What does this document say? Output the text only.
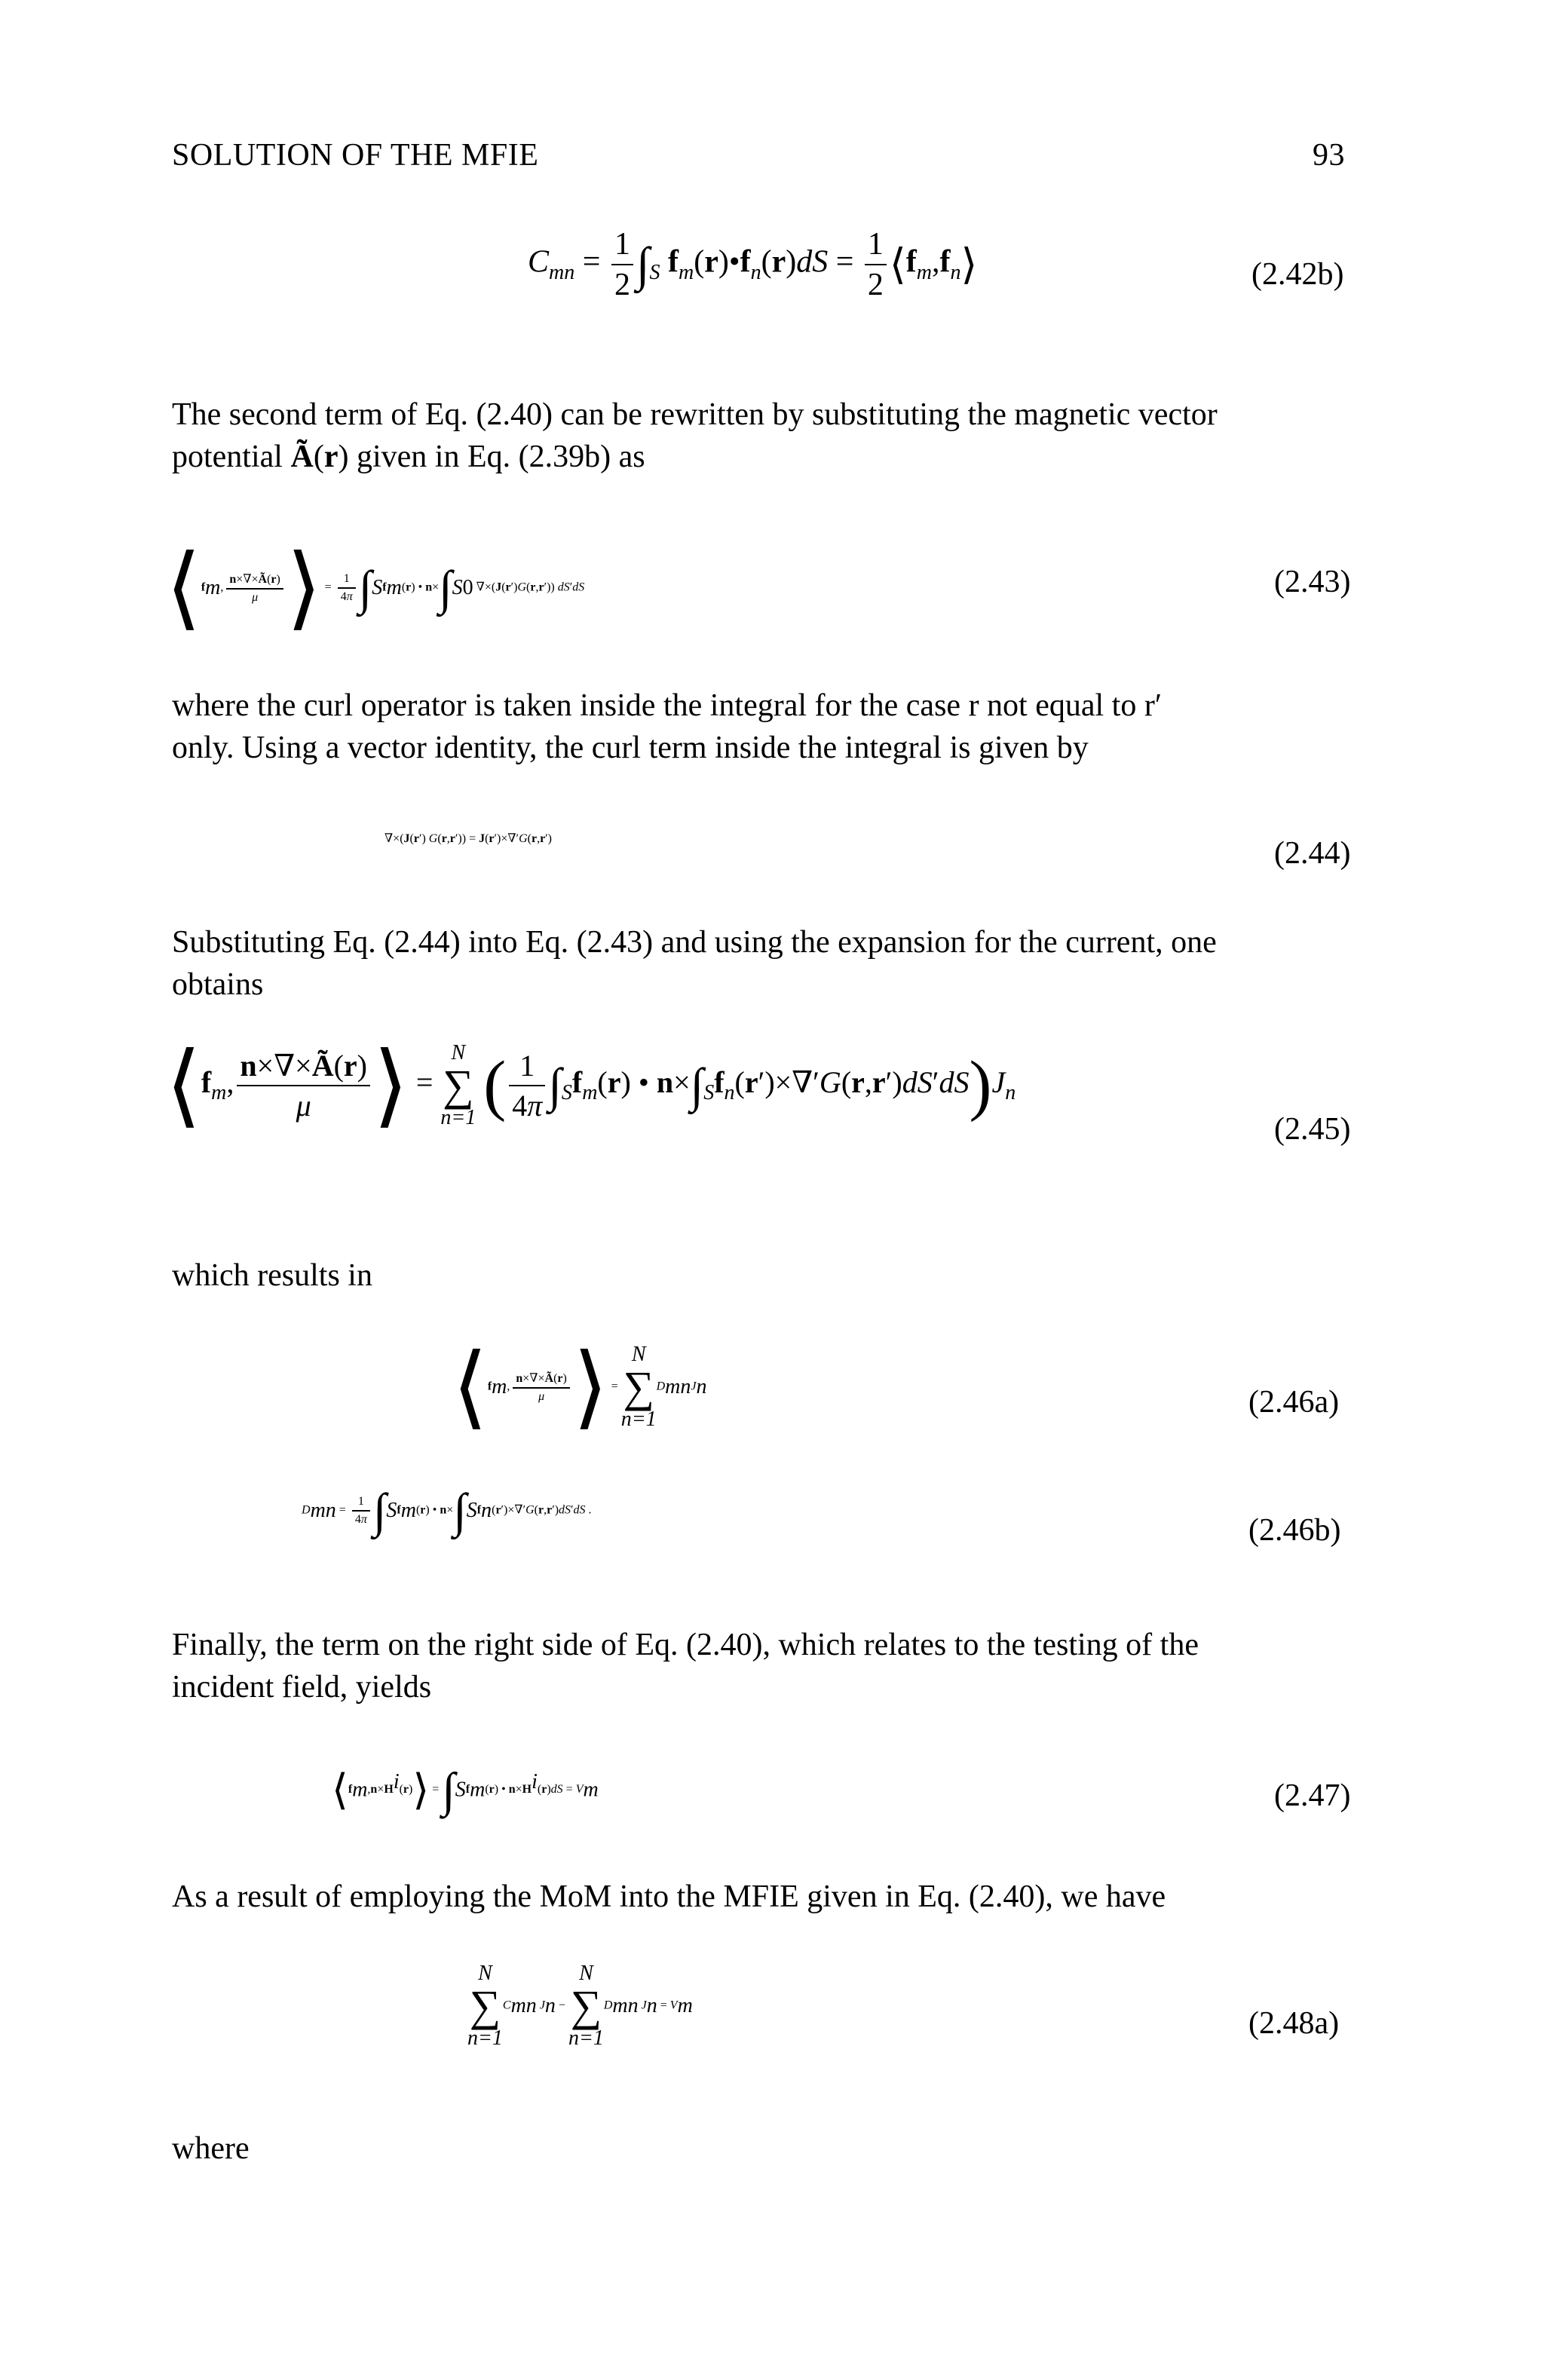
SOLUTION OF THE MFIE	93
$C_{mn} = \frac{1}{2} \int_S$ $f_m(r)•f_n(r)dS = \frac{1}{2}$ $⟨f_m,f_n⟩$	(2.42b)
The second term of Eq. (2.40) can be rewritten by substituting the magnetic vector
potential Ã(r) given in Eq. (2.39b) as
$⟨f_m$, $\frac{n\times\nabla\times Ã(r)}{\mu}$ ⟩ = $\frac{1}{4\pi} \int_Sf_m(r)$ • $n\times\int_{S0}$ ∇×(J(r′)G(r,r′)) dS′dS	(2.43)
where the curl operator is taken inside the integral for the case r not equal to r′
only. Using a vector identity, the curl term inside the integral is given by
∇×(J(r′) G(r,r′)) = J(r′)×∇′G(r,r′)	(2.44)
Substituting Eq. (2.44) into Eq. (2.43) and using the expansion for the current, one
obtains
$⟨f_m$, $\frac{n\times\nabla\times Ã(r)}{\mu}$ ⟩ =
N
∑
n=1 ( $\frac{1}{4\pi} \int_Sf_m(r)$ • $n\times\int_Sf_n(r')\times\nabla'G(r,r')dS'dS)J_n$
(2.45)
which results in
$⟨f_m$, $\frac{n\times\nabla\times Ã(r)}{\mu}$ ⟩ =
N
∑
n=1
$D_{mn}J_n$	(2.46a)
$D_{mn} = \frac{1}{4\pi} \int_Sf_m(r)$ • $n\times\int_Sf_n(r')\times\nabla'G(r,r')dS'dS$ .
(2.46b)
Finally, the term on the right side of Eq. (2.40), which relates to the testing of the
incident field, yields
$⟨f_m,n\times H^i(r)⟩ = \int_Sf_m(r)$ • $n\times H^i(r)dS = V_m$	(2.47)
As a result of employing the MoM into the MFIE given in Eq. (2.40), we have
N
∑
n=1
$C_{mn}$ $J_n$ −
N
∑
n=1
$D_{mn}$ $J_n = V_m$
(2.48a)
where
